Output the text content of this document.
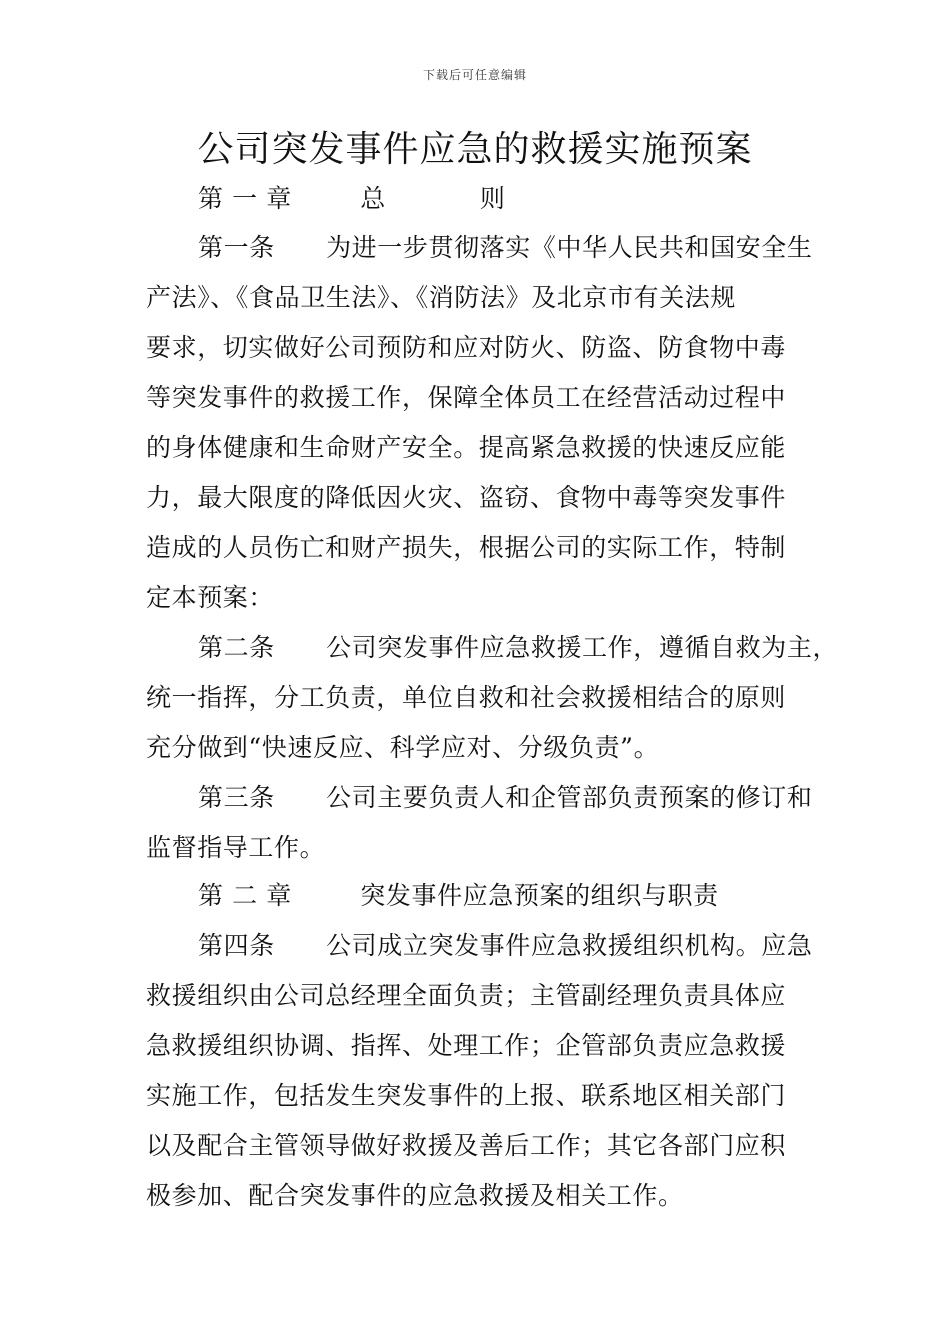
下载后可任意编辑
公司突发事件应急的救援实施预案
第 一 章        总           则
第一条      为进一步贯彻落实《中华人民共和国安全生
产法》、《食品卫生法》、《消防法》及北京市有关法规
要求，切实做好公司预防和应对防火、防盗、防食物中毒
等突发事件的救援工作，保障全体员工在经营活动过程中
的身体健康和生命财产安全。提高紧急救援的快速反应能
力，最大限度的降低因火灾、盗窃、食物中毒等突发事件
造成的人员伤亡和财产损失，根据公司的实际工作，特制
定本预案：
第二条      公司突发事件应急救援工作，遵循自救为主，
统一指挥，分工负责，单位自救和社会救援相结合的原则
充分做到“快速反应、科学应对、分级负责”。
第三条      公司主要负责人和企管部负责预案的修订和
监督指导工作。
第 二 章        突发事件应急预案的组织与职责
第四条      公司成立突发事件应急救援组织机构。应急
救援组织由公司总经理全面负责；主管副经理负责具体应
急救援组织协调、指挥、处理工作；企管部负责应急救援
实施工作，包括发生突发事件的上报、联系地区相关部门
以及配合主管领导做好救援及善后工作；其它各部门应积
极参加、配合突发事件的应急救援及相关工作。
